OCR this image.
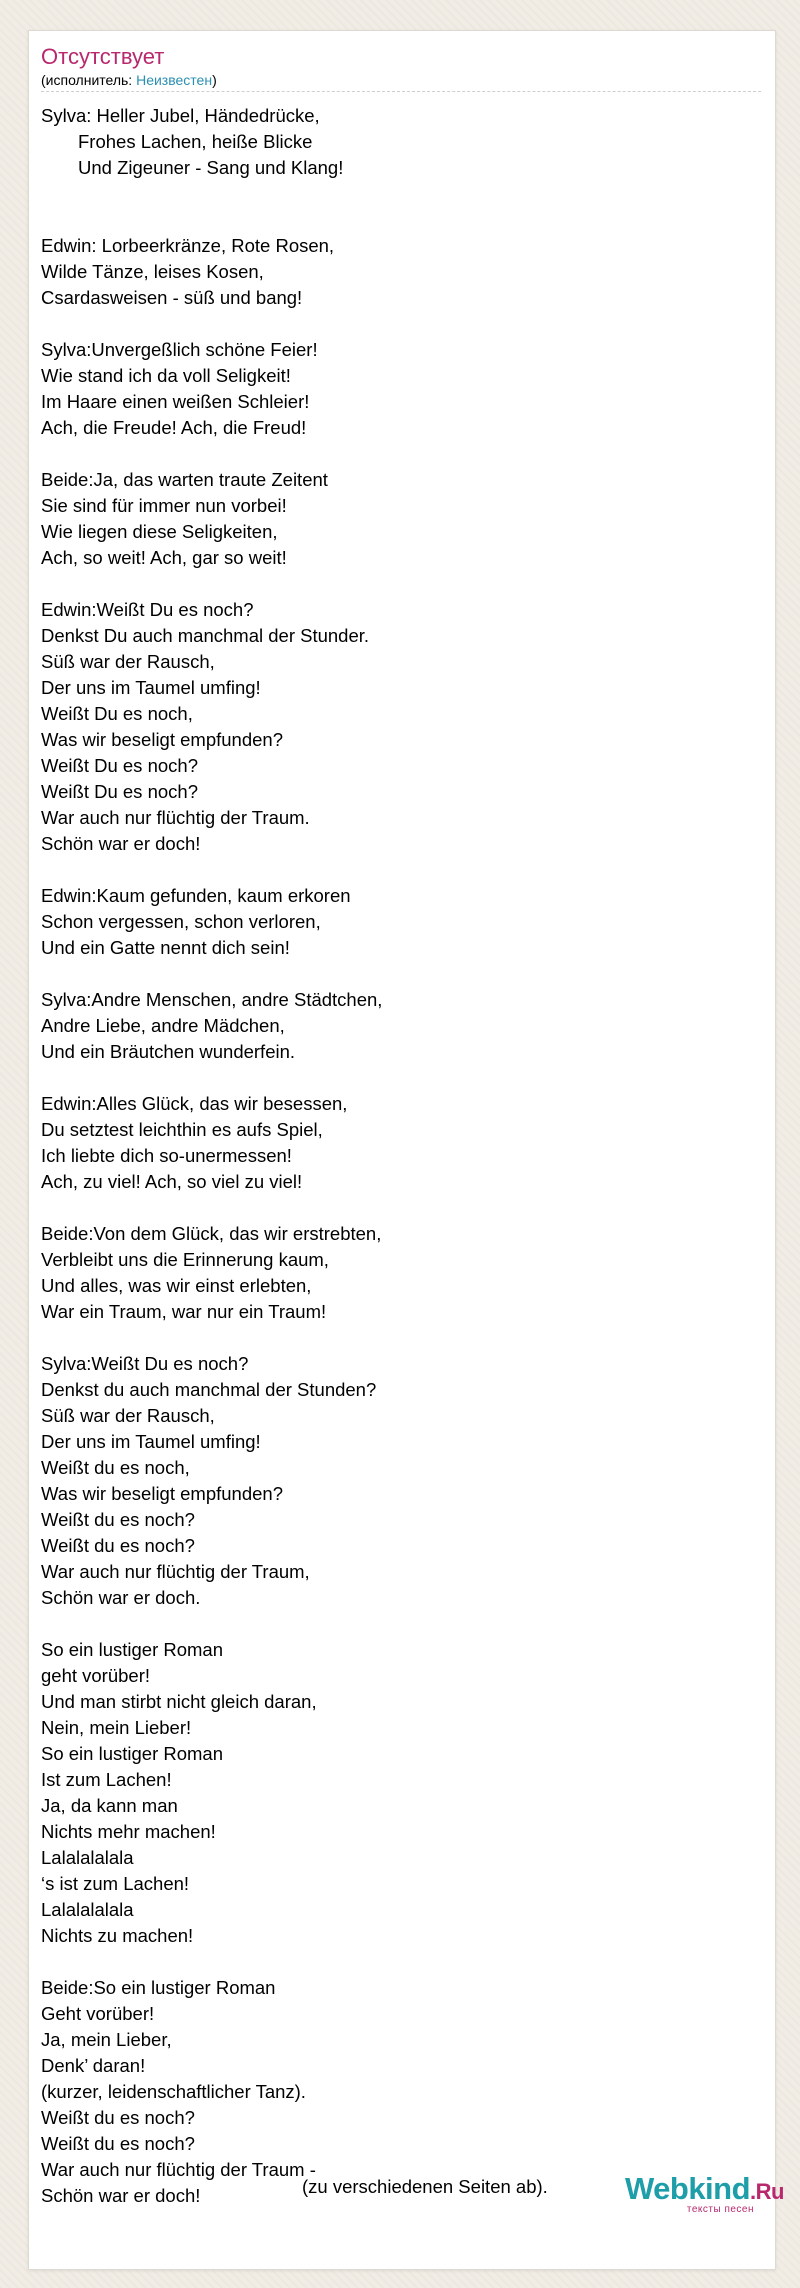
Отсутствует
(исполнитель: Неизвестен)
Sylva: Heller Jubel, Händedrücke,
Frohes Lachen, heiße Blicke
Und Zigeuner - Sang und Klang!
Edwin: Lorbeerkränze, Rote Rosen,
Wilde Tänze, leises Kosen,
Csardasweisen - süß und bang!
Sylva:Unvergeßlich schöne Feier!
Wie stand ich da voll Seligkeit!
Im Haare einen weißen Schleier!
Ach, die Freude! Ach, die Freud!
Beide:Ja, das warten traute Zeitent
Sie sind für immer nun vorbei!
Wie liegen diese Seligkeiten,
Ach, so weit! Ach, gar so weit!
Edwin:Weißt Du es noch?
Denkst Du auch manchmal der Stunder.
Süß war der Rausch,
Der uns im Taumel umfing!
Weißt Du es noch,
Was wir beseligt empfunden?
Weißt Du es noch?
Weißt Du es noch?
War auch nur flüchtig der Traum.
Schön war er doch!
Edwin:Kaum gefunden, kaum erkoren
Schon vergessen, schon verloren,
Und ein Gatte nennt dich sein!
Sylva:Andre Menschen, andre Städtchen,
Andre Liebe, andre Mädchen,
Und ein Bräutchen wunderfein.
Edwin:Alles Glück, das wir besessen,
Du setztest leichthin es aufs Spiel,
Ich liebte dich so-unermessen!
Ach, zu viel! Ach, so viel zu viel!
Beide:Von dem Glück, das wir erstrebten,
Verbleibt uns die Erinnerung kaum,
Und alles, was wir einst erlebten,
War ein Traum, war nur ein Traum!
Sylva:Weißt Du es noch?
Denkst du auch manchmal der Stunden?
Süß war der Rausch,
Der uns im Taumel umfing!
Weißt du es noch,
Was wir beseligt empfunden?
Weißt du es noch?
Weißt du es noch?
War auch nur flüchtig der Traum,
Schön war er doch.
So ein lustiger Roman
geht vorüber!
Und man stirbt nicht gleich daran,
Nein, mein Lieber!
So ein lustiger Roman
Ist zum Lachen!
Ja, da kann man
Nichts mehr machen!
Lalalalalala
‘s ist zum Lachen!
Lalalalalala
Nichts zu machen!
Beide:So ein lustiger Roman
Geht vorüber!
Ja, mein Lieber,
Denk’ daran!
(kurzer, leidenschaftlicher Tanz).
Weißt du es noch?
Weißt du es noch?
War auch nur flüchtig der Traum -
Schön war er doch!	(zu verschiedenen Seiten ab). Webkind.Ru
тексты песен
